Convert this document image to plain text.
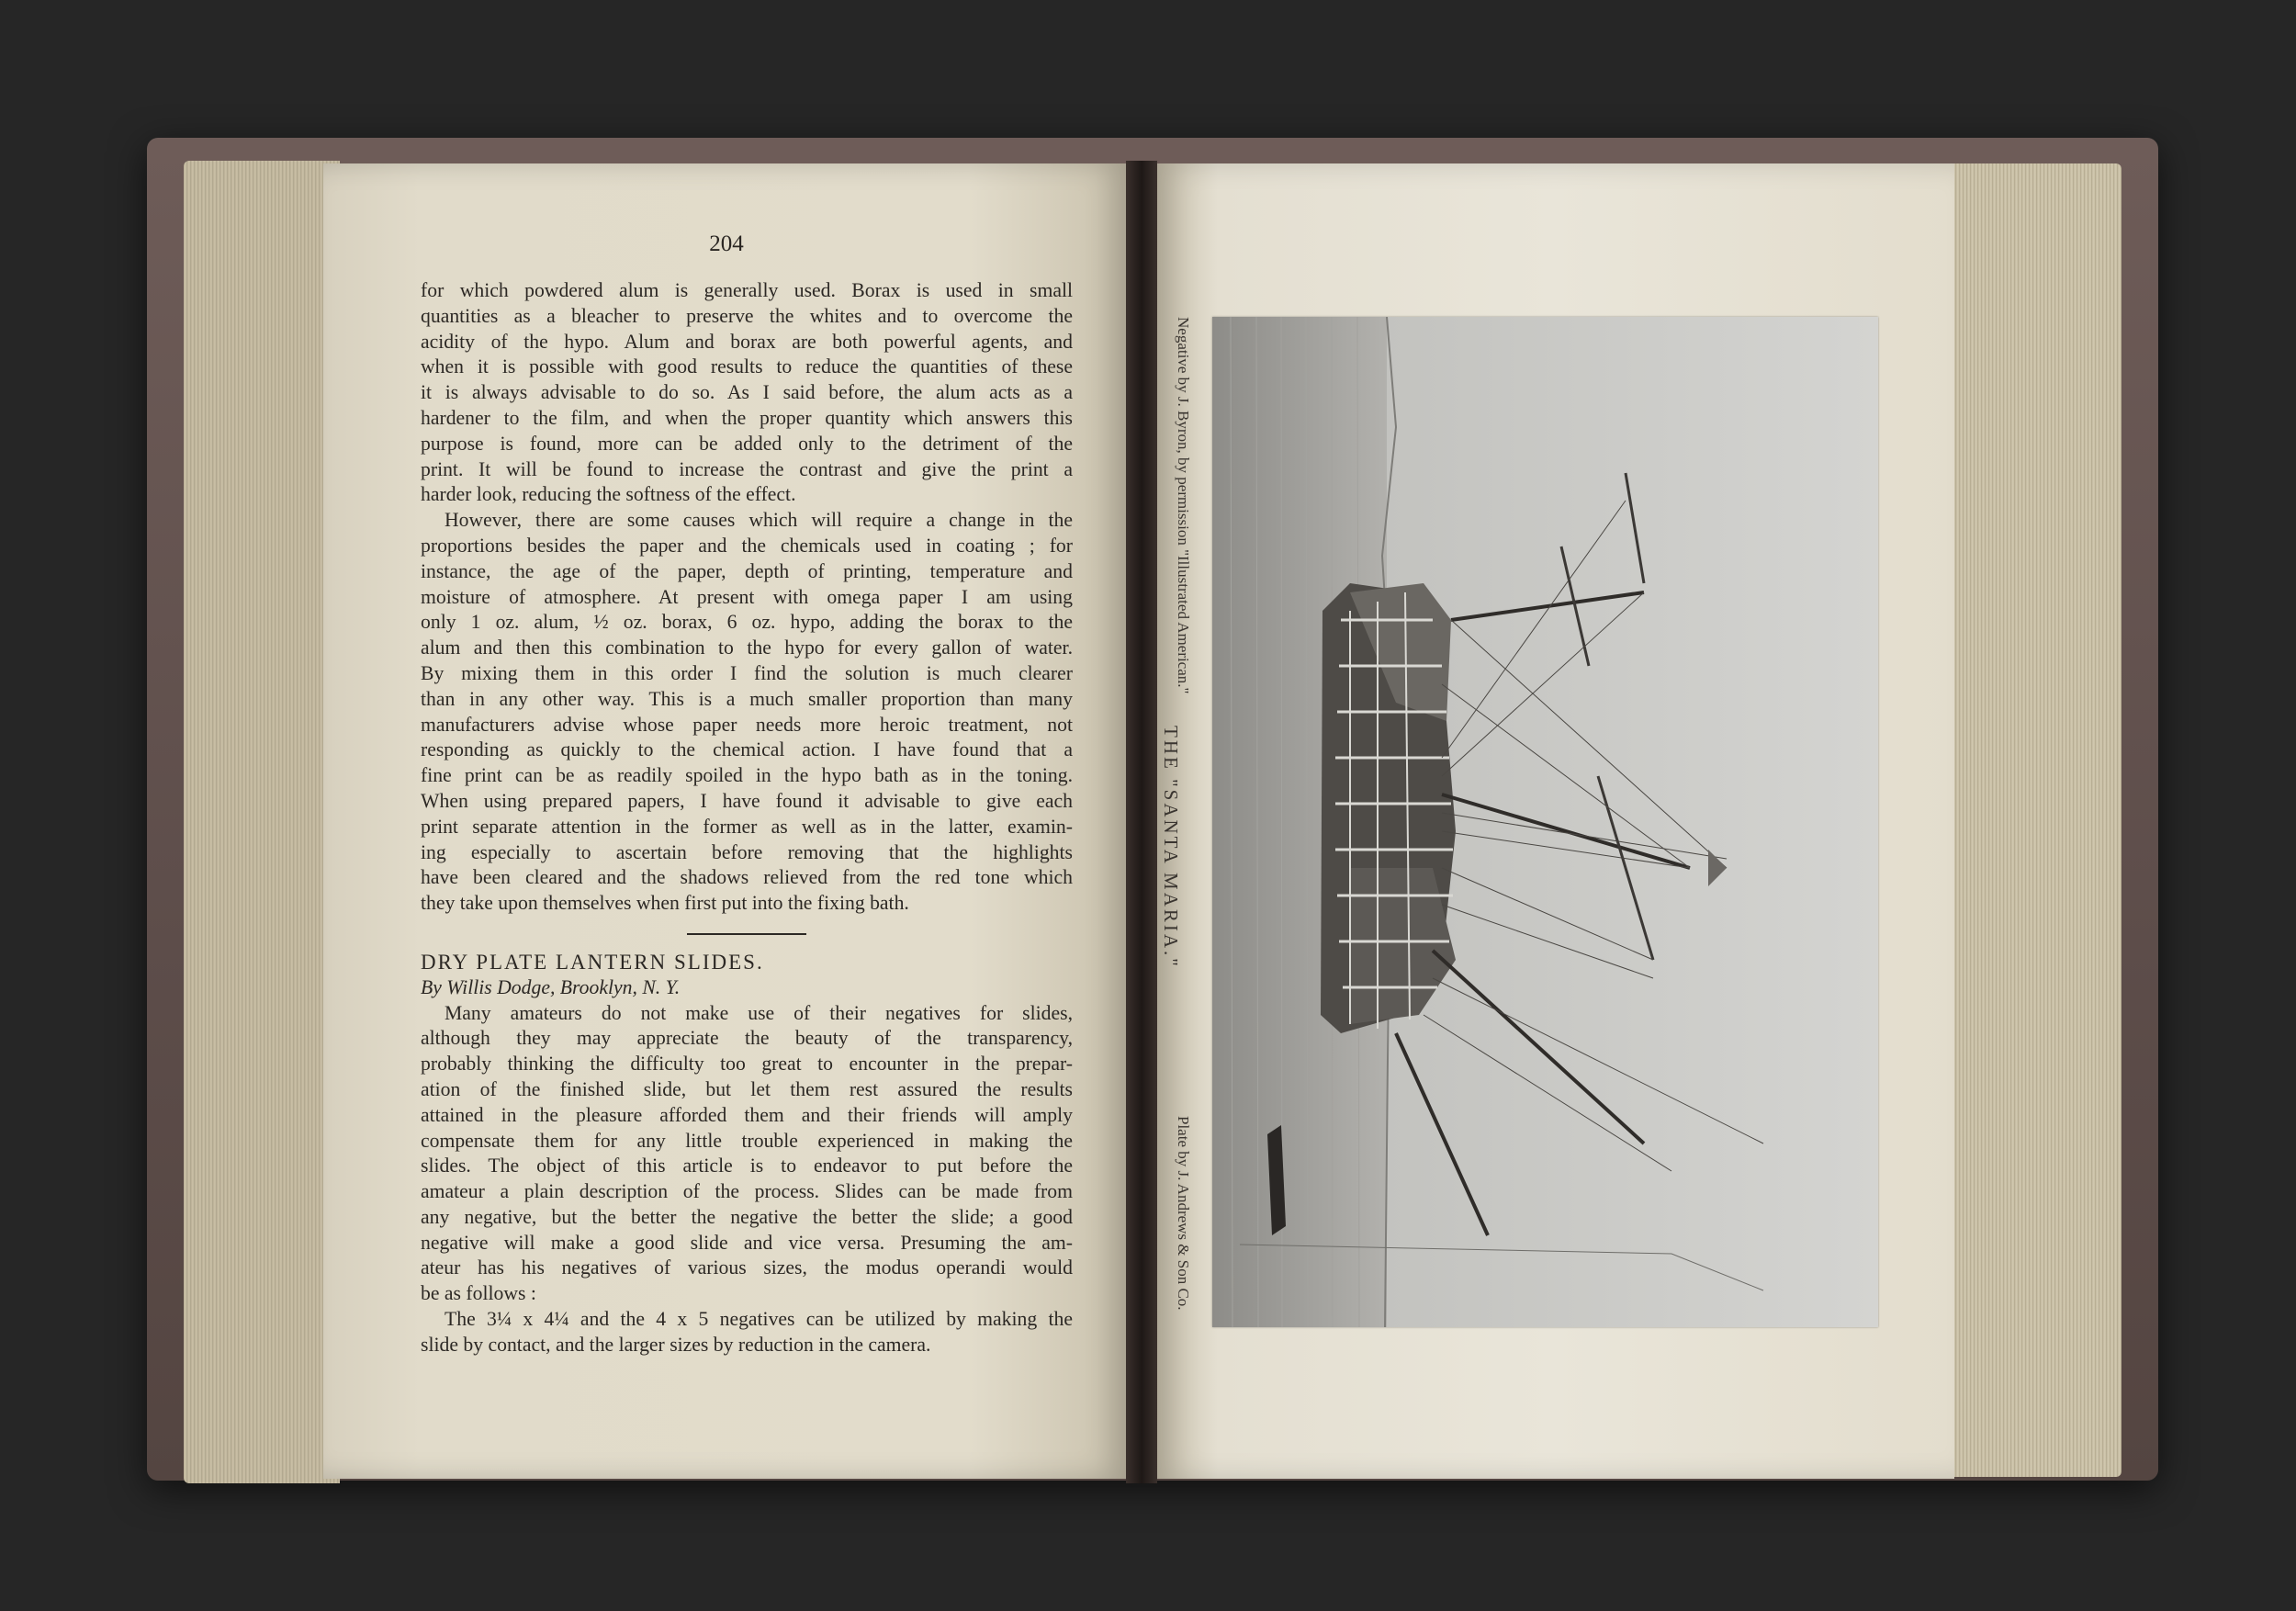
204

for which powdered alum is generally used. Borax is used in small

quantities as a bleacher to preserve the whites and to overcome the

acidity of the hypo. Alum and borax are both powerful agents, and

when it is possible with good results to reduce the quantities of these

it is always advisable to do so. As I said before, the alum acts as a

hardener to the film, and when the proper quantity which answers this

purpose is found, more can be added only to the detriment of the

print. It will be found to increase the contrast and give the print a

harder look, reducing the softness of the effect.

However, there are some causes which will require a change in the

proportions besides the paper and the chemicals used in coating ; for

instance, the age of the paper, depth of printing, temperature and

moisture of atmosphere. At present with omega paper I am using

only 1 oz. alum, ½ oz. borax, 6 oz. hypo, adding the borax to the

alum and then this combination to the hypo for every gallon of water.

By mixing them in this order I find the solution is much clearer

than in any other way. This is a much smaller proportion than many

manufacturers advise whose paper needs more heroic treatment, not

responding as quickly to the chemical action. I have found that a

fine print can be as readily spoiled in the hypo bath as in the toning.

When using prepared papers, I have found it advisable to give each

print separate attention in the former as well as in the latter, examin-

ing especially to ascertain before removing that the highlights

have been cleared and the shadows relieved from the red tone which

they take upon themselves when first put into the fixing bath.

DRY PLATE LANTERN SLIDES.

By Willis Dodge, Brooklyn, N. Y.

Many amateurs do not make use of their negatives for slides,

although they may appreciate the beauty of the transparency,

probably thinking the difficulty too great to encounter in the prepar-

ation of the finished slide, but let them rest assured the results

attained in the pleasure afforded them and their friends will amply

compensate them for any little trouble experienced in making the

slides. The object of this article is to endeavor to put before the

amateur a plain description of the process. Slides can be made from

any negative, but the better the negative the better the slide; a good

negative will make a good slide and vice versa. Presuming the am-

ateur has his negatives of various sizes, the modus operandi would

be as follows :

The 3¼ x 4¼ and the 4 x 5 negatives can be utilized by making the

slide by contact, and the larger sizes by reduction in the camera.

Negative by J. Byron, by permission "Illustrated American."
THE "SANTA MARIA."
Plate by J. Andrews & Son Co.
